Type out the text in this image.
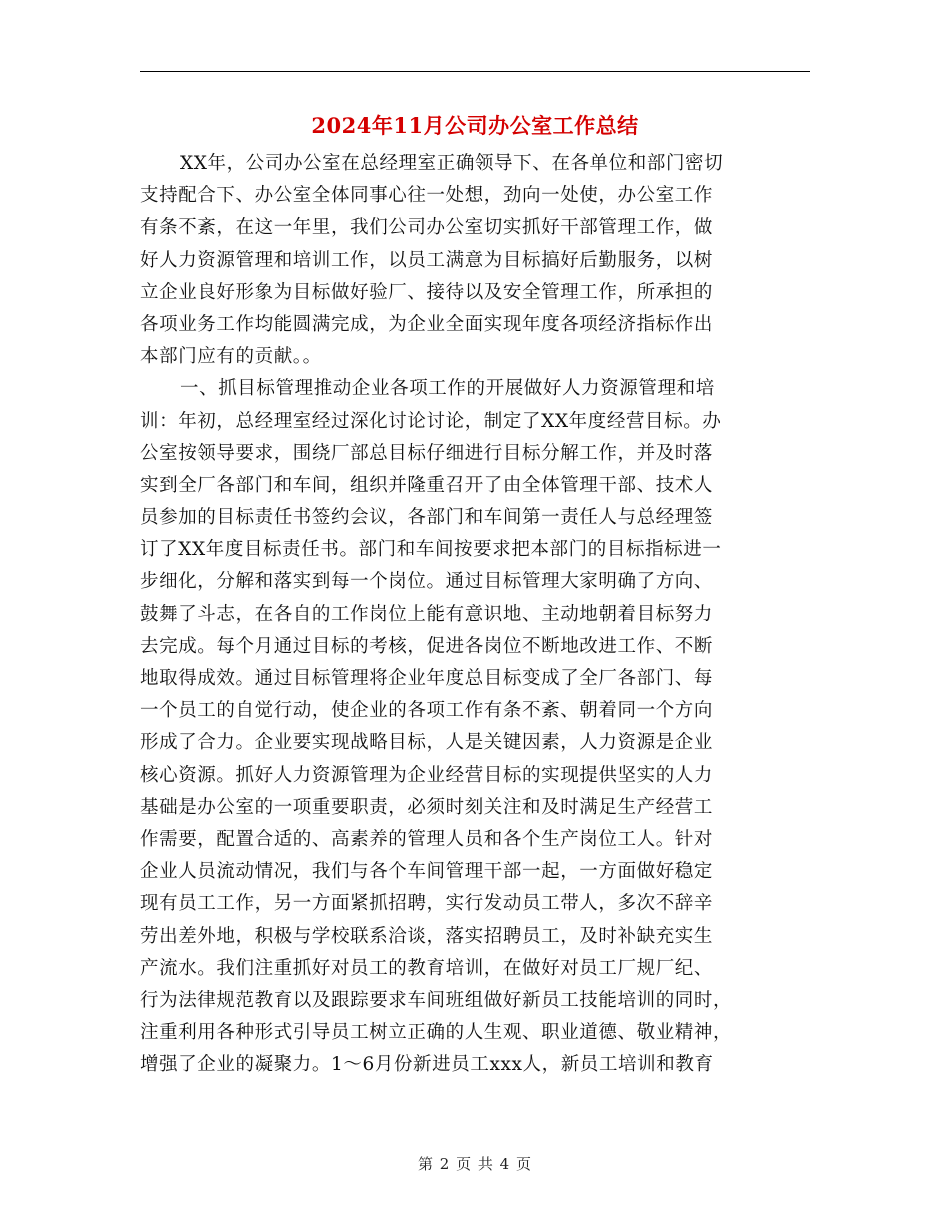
2024年11月公司办公室工作总结
XX年，公司办公室在总经理室正确领导下、在各单位和部门密切
支持配合下、办公室全体同事心往一处想，劲向一处使，办公室工作
有条不紊，在这一年里，我们公司办公室切实抓好干部管理工作，做
好人力资源管理和培训工作，以员工满意为目标搞好后勤服务，以树
立企业良好形象为目标做好验厂、接待以及安全管理工作，所承担的
各项业务工作均能圆满完成，为企业全面实现年度各项经济指标作出
本部门应有的贡献。。
一、抓目标管理推动企业各项工作的开展做好人力资源管理和培
训：年初，总经理室经过深化讨论讨论，制定了XX年度经营目标。办
公室按领导要求，围绕厂部总目标仔细进行目标分解工作，并及时落
实到全厂各部门和车间，组织并隆重召开了由全体管理干部、技术人
员参加的目标责任书签约会议，各部门和车间第一责任人与总经理签
订了XX年度目标责任书。部门和车间按要求把本部门的目标指标进一
步细化，分解和落实到每一个岗位。通过目标管理大家明确了方向、
鼓舞了斗志，在各自的工作岗位上能有意识地、主动地朝着目标努力
去完成。每个月通过目标的考核，促进各岗位不断地改进工作、不断
地取得成效。通过目标管理将企业年度总目标变成了全厂各部门、每
一个员工的自觉行动，使企业的各项工作有条不紊、朝着同一个方向
形成了合力。企业要实现战略目标，人是关键因素，人力资源是企业
核心资源。抓好人力资源管理为企业经营目标的实现提供坚实的人力
基础是办公室的一项重要职责，必须时刻关注和及时满足生产经营工
作需要，配置合适的、高素养的管理人员和各个生产岗位工人。针对
企业人员流动情况，我们与各个车间管理干部一起，一方面做好稳定
现有员工工作，另一方面紧抓招聘，实行发动员工带人，多次不辞辛
劳出差外地，积极与学校联系洽谈，落实招聘员工，及时补缺充实生
产流水。我们注重抓好对员工的教育培训，在做好对员工厂规厂纪、
行为法律规范教育以及跟踪要求车间班组做好新员工技能培训的同时，
注重利用各种形式引导员工树立正确的人生观、职业道德、敬业精神，
增强了企业的凝聚力。1～6月份新进员工xxx人，新员工培训和教育
第 2 页 共 4 页
